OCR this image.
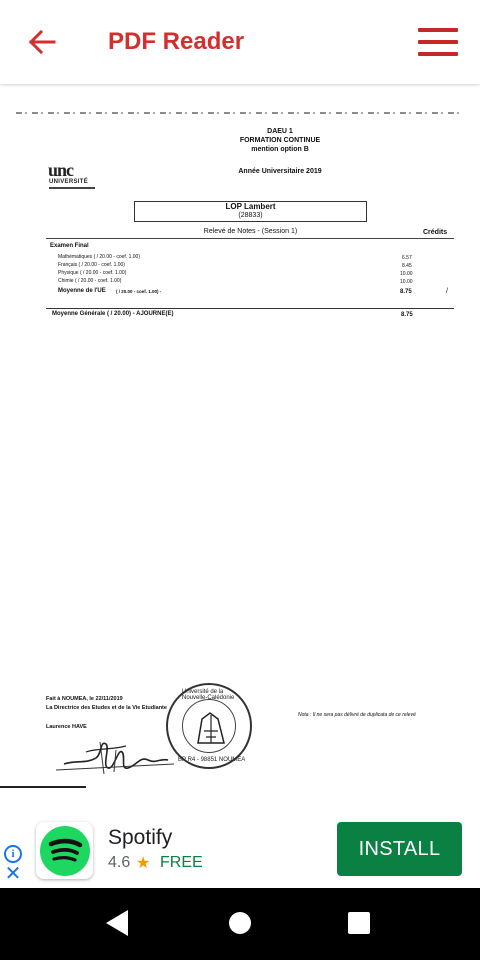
PDF Reader
DAEU 1
FORMATION CONTINUE
mention option B
Année Universitaire 2019
unc
UNIVERSITÉ
LOP Lambert
(28833)
Relevé de Notes - (Session 1)	Crédits
Examen Final
Mathématiques ( / 20.00 - coef. 1.00)	6.57
Français ( / 20.00 - coef. 1.00)	8.45
Physique ( / 20.00 - coef. 1.00)	10.00
Chimie ( / 20.00 - coef. 1.00)	10.00
Moyenne de l'UE ( / 20.00 - coef. 1.00) -	8.75	/
Moyenne Générale ( / 20.00) - AJOURNE(E)	8.75
Fait à NOUMEA, le 22/11/2019
La Directrice des Etudes et de la Vie Etudiante
Laurence HAVE
Nota : Il ne sera pas délivré de duplicata de ce relevé
Université de la Nouvelle-Calédonie
BP R4 - 98851 NOUMEA
i
✕
Spotify
4.6 ★ FREE
INSTALL
